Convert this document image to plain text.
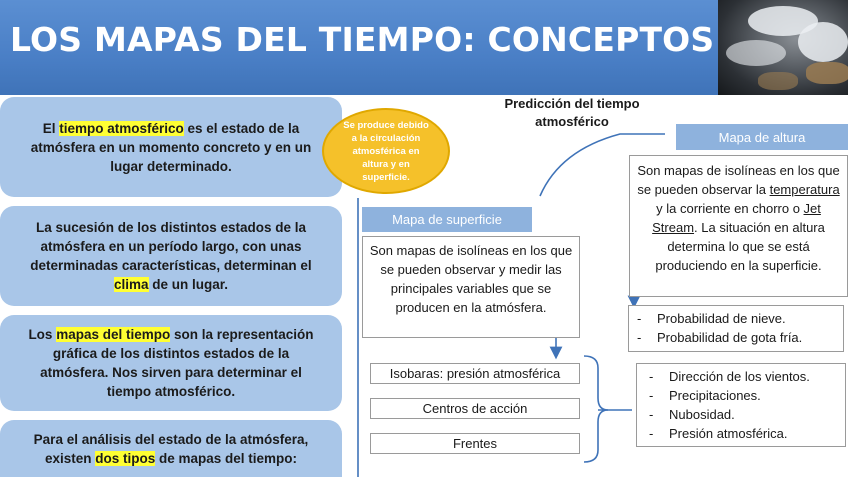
LOS MAPAS DEL TIEMPO: CONCEPTOS
El tiempo atmosférico es el estado de la atmósfera en un momento concreto y en un lugar determinado.
La sucesión de los distintos estados de la atmósfera en un período largo, con unas determinadas características, determinan el clima de un lugar.
Los mapas del tiempo son la representación gráfica de los distintos estados de la atmósfera. Nos sirven para determinar el tiempo atmosférico.
Para el análisis del estado de la atmósfera, existen dos tipos de mapas del tiempo:
Se produce debido a la circulación atmosférica en altura y en superficie.
Predicción del tiempo atmosférico
Mapa de superficie
Son mapas de isolíneas en los que se pueden observar y medir las principales variables que se producen en la atmósfera.
Isobaras: presión atmosférica
Centros de acción
Frentes
Mapa de altura
Son mapas de isolíneas en los que se pueden observar la temperatura y la corriente en chorro o Jet Stream. La situación en altura determina lo que se está produciendo en la superficie.
- Probabilidad de nieve.
- Probabilidad de gota fría.
- Dirección de los vientos.
- Precipitaciones.
- Nubosidad.
- Presión atmosférica.
